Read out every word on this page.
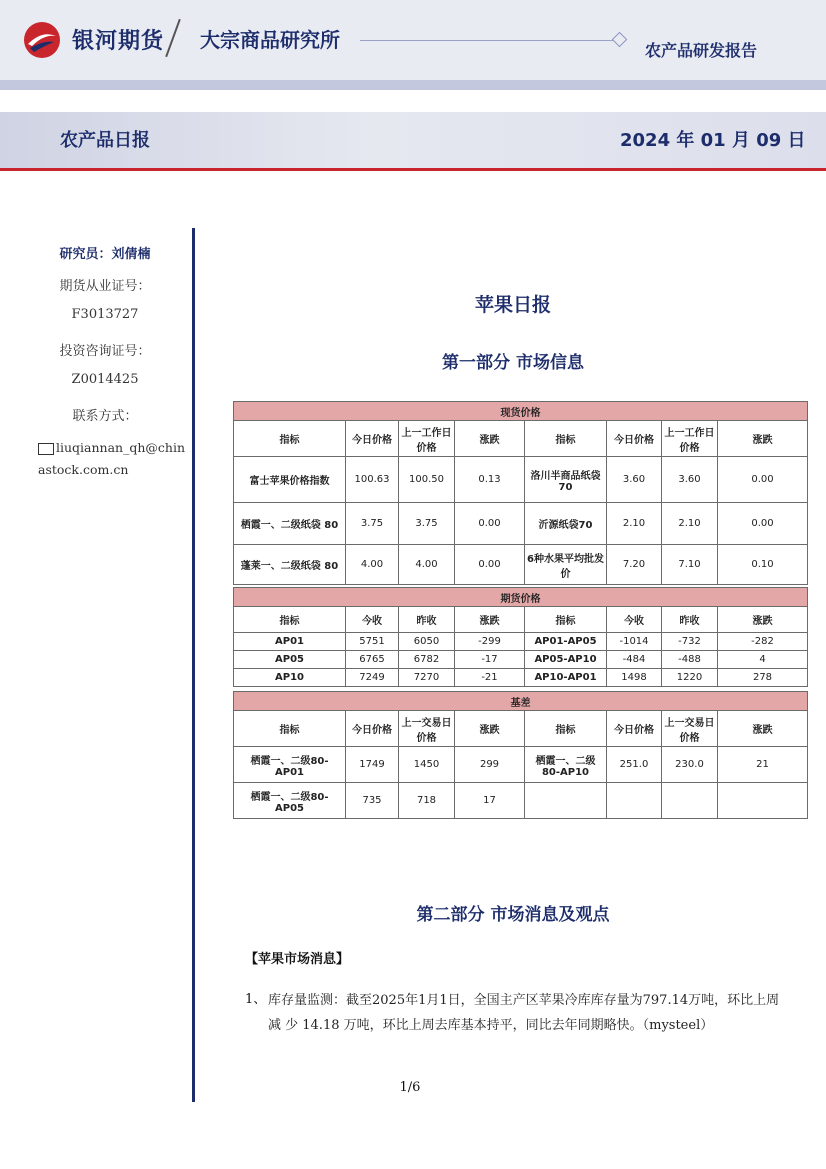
银河期货 大宗商品研究所	农产品研发报告
农产品日报	2024 年 01 月 09 日
研究员：刘倩楠
期货从业证号：
F3013727
投资咨询证号：
Z0014425
联系方式：
liuqiannan_qh@chinastock.com.cn
苹果日报
第一部分 市场信息
现货价格							
指标	今日价格	上一工作日价格	涨跌	指标	今日价格	上一工作日价格	涨跌
富士苹果价格指数	100.63	100.50	0.13	洛川半商品纸袋70	3.60	3.60	0.00
栖霞一、二级纸袋 80	3.75	3.75	0.00	沂源纸袋70	2.10	2.10	0.00
蓬莱一、二级纸袋 80	4.00	4.00	0.00	6种水果平均批发价	7.20	7.10	0.10
期货价格							
指标	今收	昨收	涨跌	指标	今收	昨收	涨跌
AP01	5751	6050	-299	AP01-AP05	-1014	-732	-282
AP05	6765	6782	-17	AP05-AP10	-484	-488	4
AP10	7249	7270	-21	AP10-AP01	1498	1220	278
基差							
指标	今日价格	上一交易日价格	涨跌	指标	今日价格	上一交易日价格	涨跌
栖霞一、二级80-AP01	1749	1450	299	栖霞一、二级80-AP10	251.0	230.0	21
栖霞一、二级80-AP05	735	718	17				
第二部分 市场消息及观点
【苹果市场消息】
1、 库存量监测：截至2025年1月1日，全国主产区苹果冷库库存量为797.14万吨，环比上周减 少 14.18 万吨，环比上周去库基本持平，同比去年同期略快。（mysteel）
1/6
